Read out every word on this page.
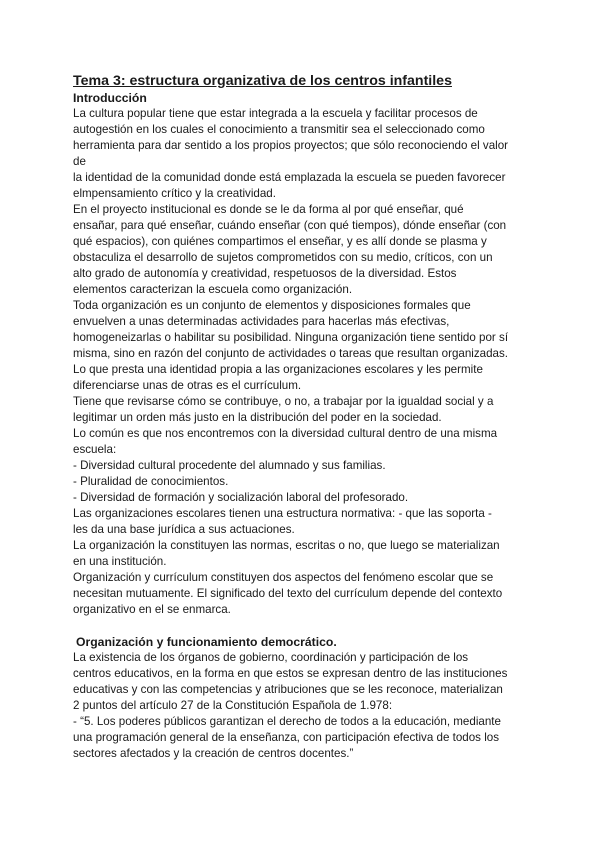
Tema 3: estructura organizativa de los centros infantiles
Introducción

La cultura popular tiene que estar integrada a la escuela y facilitar procesos de

autogestión en los cuales el conocimiento a transmitir sea el seleccionado como

herramienta para dar sentido a los propios proyectos; que sólo reconociendo el valor

de

la identidad de la comunidad donde está emplazada la escuela se pueden favorecer

elmpensamiento crítico y la creatividad.

En el proyecto institucional es donde se le da forma al por qué enseñar, qué

ensañar, para qué enseñar, cuándo enseñar (con qué tiempos), dónde enseñar (con

qué espacios), con quiénes compartimos el enseñar, y es allí donde se plasma y

obstaculiza el desarrollo de sujetos comprometidos con su medio, críticos, con un

alto grado de autonomía y creatividad, respetuosos de la diversidad. Estos

elementos caracterizan la escuela como organización.

Toda organización es un conjunto de elementos y disposiciones formales que

envuelven a unas determinadas actividades para hacerlas más efectivas,

homogeneizarlas o habilitar su posibilidad. Ninguna organización tiene sentido por sí

misma, sino en razón del conjunto de actividades o tareas que resultan organizadas.

Lo que presta una identidad propia a las organizaciones escolares y les permite

diferenciarse unas de otras es el currículum.

Tiene que revisarse cómo se contribuye, o no, a trabajar por la igualdad social y a

legitimar un orden más justo en la distribución del poder en la sociedad.

Lo común es que nos encontremos con la diversidad cultural dentro de una misma

escuela:

- Diversidad cultural procedente del alumnado y sus familias.

- Pluralidad de conocimientos.

- Diversidad de formación y socialización laboral del profesorado.

Las organizaciones escolares tienen una estructura normativa: - que las soporta -

les da una base jurídica a sus actuaciones.

La organización la constituyen las normas, escritas o no, que luego se materializan

en una institución.

Organización y currículum constituyen dos aspectos del fenómeno escolar que se

necesitan mutuamente. El significado del texto del currículum depende del contexto

organizativo en el se enmarca.

Organización y funcionamiento democrático.

La existencia de los órganos de gobierno, coordinación y participación de los

centros educativos, en la forma en que estos se expresan dentro de las instituciones

educativas y con las competencias y atribuciones que se les reconoce, materializan

2 puntos del artículo 27 de la Constitución Española de 1.978:

- “5. Los poderes públicos garantizan el derecho de todos a la educación, mediante

una programación general de la enseñanza, con participación efectiva de todos los

sectores afectados y la creación de centros docentes.”
